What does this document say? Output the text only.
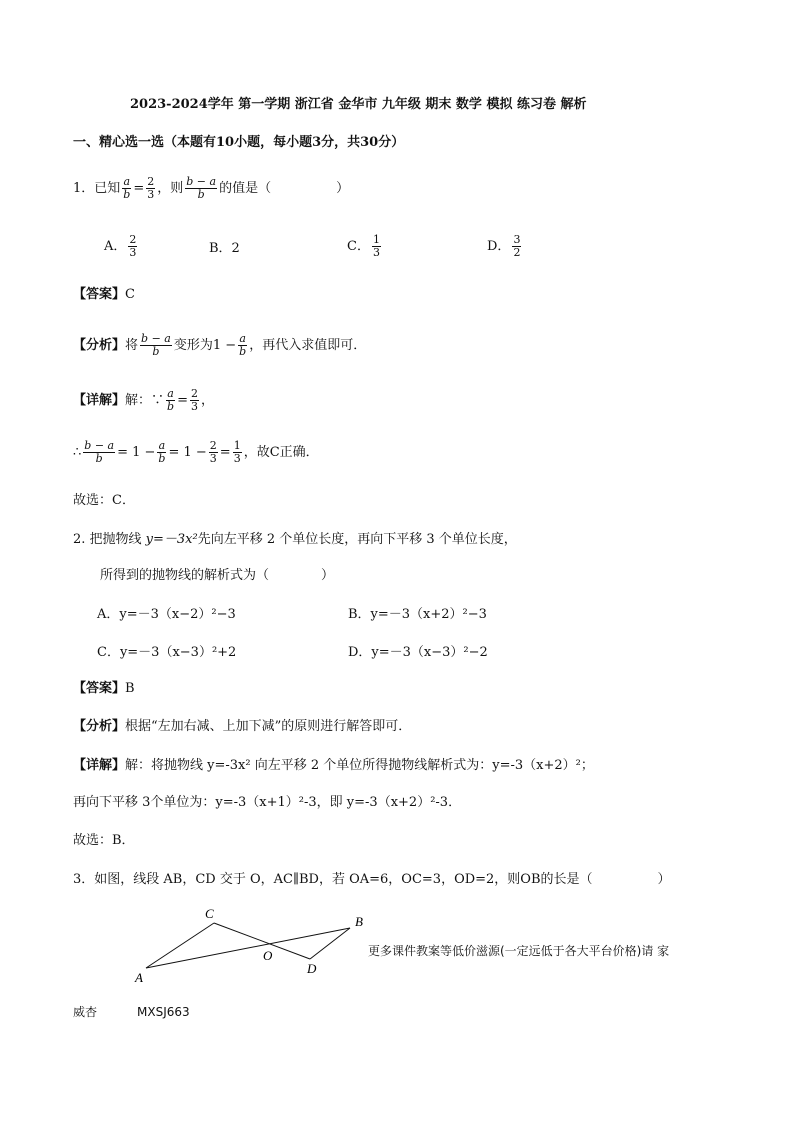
2023-2024学年 第一学期 浙江省 金华市 九年级 期末 数学 模拟 练习卷 解析
一、精心选一选（本题有10小题，每小题3分，共30分）
1．已知 $\frac{a}{b} = \frac{2}{3}$ ，则 $\frac{b - a}{b}$ 的值是（　　　　　）
A． $\frac{2}{3}$	B．2	C． $\frac{1}{3}$	D． $\frac{3}{2}$
【答案】C
【分析】将 $\frac{b - a}{b}$ 变形为$1 - \frac{a}{b}$ ，再代入求值即可．
【详解】解：∵ $\frac{a}{b} = \frac{2}{3}$ ，
∴ $\frac{b - a}{b} = 1 - \frac{a}{b} = 1 - \frac{2}{3} = \frac{1}{3}$ ，故C正确．
故选：C．
2. 把抛物线 y=－3x²先向左平移 2 个单位长度，再向下平移 3 个单位长度，
所得到的抛物线的解析式为（　　　　）
A．y=－3（x−2）²−3	B．y=－3（x+2）²−3
C．y=－3（x−3）²+2	D．y=－3（x−3）²−2
【答案】B
【分析】根据“左加右减、上加下减”的原则进行解答即可．
【详解】解：将抛物线 y=-3x² 向左平移 2 个单位所得抛物线解析式为：y=-3（x+2）²；
再向下平移 3个单位为：y=-3（x+1）²-3，即 y=-3（x+2）²-3．
故选：B．
3．如图，线段 AB，CD 交于 O，AC∥BD，若 OA=6，OC=3，OD=2，则OB的长是（　　　　　）
A
C
O
D
B
更多课件教案等低价滋源(一定远低于各大平台价格)请 家
威杏	MXSJ663
